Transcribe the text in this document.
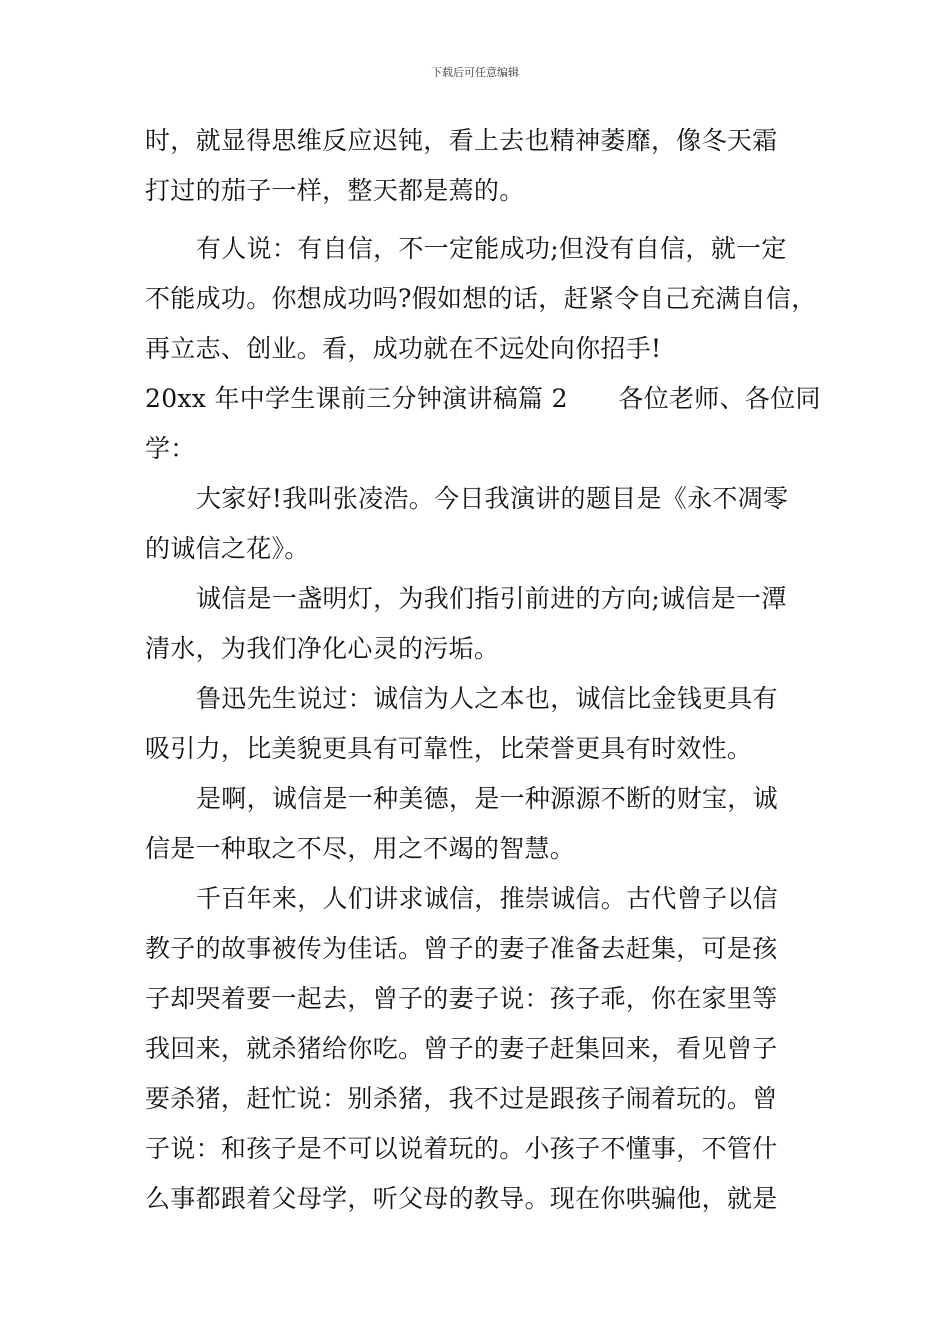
下载后可任意编辑
时，就显得思维反应迟钝，看上去也精神萎靡，像冬天霜
打过的茄子一样，整天都是蔫的。
有人说：有自信，不一定能成功;但没有自信，就一定
不能成功。你想成功吗?假如想的话，赶紧令自己充满自信，
再立志、创业。看，成功就在不远处向你招手!
20xx 年中学生课前三分钟演讲稿篇 2　　各位老师、各位同
学：
大家好!我叫张凌浩。今日我演讲的题目是《永不凋零
的诚信之花》。
诚信是一盏明灯，为我们指引前进的方向;诚信是一潭
清水，为我们净化心灵的污垢。
鲁迅先生说过：诚信为人之本也，诚信比金钱更具有
吸引力，比美貌更具有可靠性，比荣誉更具有时效性。
是啊，诚信是一种美德，是一种源源不断的财宝，诚
信是一种取之不尽，用之不竭的智慧。
千百年来，人们讲求诚信，推崇诚信。古代曾子以信
教子的故事被传为佳话。曾子的妻子准备去赶集，可是孩
子却哭着要一起去，曾子的妻子说：孩子乖，你在家里等
我回来，就杀猪给你吃。曾子的妻子赶集回来，看见曾子
要杀猪，赶忙说：别杀猪，我不过是跟孩子闹着玩的。曾
子说：和孩子是不可以说着玩的。小孩子不懂事，不管什
么事都跟着父母学，听父母的教导。现在你哄骗他，就是
